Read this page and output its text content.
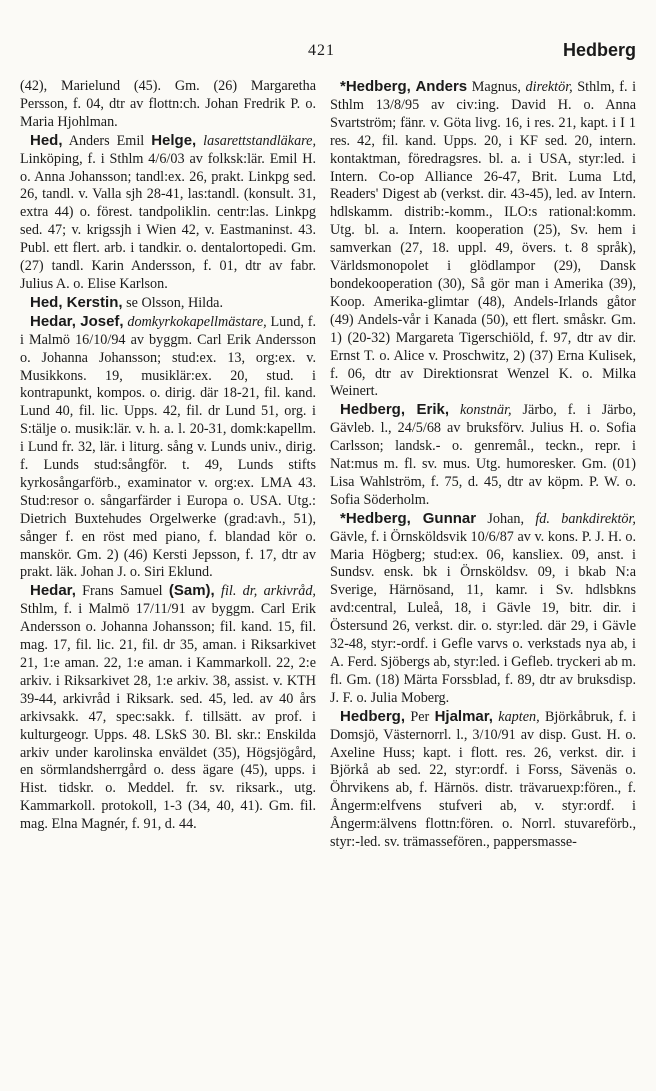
421	Hedberg

(42), Marielund (45). Gm. (26) Margaretha Persson, f. 04, dtr av flottn:ch. Johan Fredrik P. o. Maria Hjohlman.

Hed, Anders Emil Helge, lasarettstandläkare, Linköping, f. i Sthlm 4/6/03 av folksk:lär. Emil H. o. Anna Johansson; tandl:ex. 26, prakt. Linkpg sed. 26, tandl. v. Valla sjh 28-41, las:tandl. (konsult. 31, extra 44) o. förest. tandpoliklin. centr:las. Linkpg sed. 47; v. krigssjh i Wien 42, v. Eastmaninst. 43. Publ. ett flert. arb. i tandkir. o. dentalortopedi. Gm. (27) tandl. Karin Andersson, f. 01, dtr av fabr. Julius A. o. Elise Karlson.

Hed, Kerstin, se Olsson, Hilda.

Hedar, Josef, domkyrkokapellmästare, Lund, f. i Malmö 16/10/94 av byggm. Carl Erik Andersson o. Johanna Johansson; stud:ex. 13, org:ex. v. Musikkons. 19, musiklär:ex. 20, stud. i kontrapunkt, kompos. o. dirig. där 18-21, fil. kand. Lund 40, fil. lic. Upps. 42, fil. dr Lund 51, org. i S:tälje o. musik:lär. v. h. a. l. 20-31, domk:kapellm. i Lund fr. 32, lär. i liturg. sång v. Lunds univ., dirig. f. Lunds stud:sångför. t. 49, Lunds stifts kyrkosångarförb., examinator v. org:ex. LMA 43. Stud:resor o. sångarfärder i Europa o. USA. Utg.: Dietrich Buxtehudes Orgelwerke (grad:avh., 51), sånger f. en röst med piano, f. blandad kör o. manskör. Gm. 2) (46) Kersti Jepsson, f. 17, dtr av prakt. läk. Johan J. o. Siri Eklund.

Hedar, Frans Samuel (Sam), fil. dr, arkivråd, Sthlm, f. i Malmö 17/11/91 av byggm. Carl Erik Andersson o. Johanna Johansson; fil. kand. 15, fil. mag. 17, fil. lic. 21, fil. dr 35, aman. i Riksarkivet 21, 1:e aman. 22, 1:e aman. i Kammarkoll. 22, 2:e arkiv. i Riksarkivet 28, 1:e arkiv. 38, assist. v. KTH 39-44, arkivråd i Riksark. sed. 45, led. av 40 års arkivsakk. 47, spec:sakk. f. tillsätt. av prof. i kulturgeogr. Upps. 48. LSkS 30. Bl. skr.: Enskilda arkiv under karolinska enväldet (35), Högsjögård, en sörmlandsherrgård o. dess ägare (45), upps. i Hist. tidskr. o. Meddel. fr. sv. riksark., utg. Kammarkoll. protokoll, 1-3 (34, 40, 41). Gm. fil. mag. Elna Magnér, f. 91, d. 44.

*Hedberg, Anders Magnus, direktör, Sthlm, f. i Sthlm 13/8/95 av civ:ing. David H. o. Anna Svartström; fänr. v. Göta livg. 16, i res. 21, kapt. i I 1 res. 42, fil. kand. Upps. 20, i KF sed. 20, intern. kontaktman, föredragsres. bl. a. i USA, styr:led. i Intern. Co-op Alliance 26-47, Brit. Luma Ltd, Readers' Digest ab (verkst. dir. 43-45), led. av Intern. hdlskamm. distrib:-komm., ILO:s rational:komm. Utg. bl. a. Intern. kooperation (25), Sv. hem i samverkan (27, 18. uppl. 49, övers. t. 8 språk), Världsmonopolet i glödlampor (29), Dansk bondekooperation (30), Så gör man i Amerika (39), Koop. Amerika-glimtar (48), Andels-Irlands gåtor (49) Andels-vår i Kanada (50), ett flert. småskr. Gm. 1) (20-32) Margareta Tigerschiöld, f. 97, dtr av dir. Ernst T. o. Alice v. Proschwitz, 2) (37) Erna Kulisek, f. 06, dtr av Direktionsrat Wenzel K. o. Milka Weinert.

Hedberg, Erik, konstnär, Järbo, f. i Järbo, Gävleb. l., 24/5/68 av bruksförv. Julius H. o. Sofia Carlsson; landsk.- o. genremål., teckn., repr. i Nat:mus m. fl. sv. mus. Utg. humoresker. Gm. (01) Lisa Wahlström, f. 75, d. 45, dtr av köpm. P. W. o. Sofia Söderholm.

*Hedberg, Gunnar Johan, fd. bankdirektör, Gävle, f. i Örnsköldsvik 10/6/87 av v. kons. P. J. H. o. Maria Högberg; stud:ex. 06, kansliex. 09, anst. i Sundsv. ensk. bk i Örnsköldsv. 09, i bkab N:a Sverige, Härnösand, 11, kamr. i Sv. hdlsbkns avd:central, Luleå, 18, i Gävle 19, bitr. dir. i Östersund 26, verkst. dir. o. styr:led. där 29, i Gävle 32-48, styr:-ordf. i Gefle varvs o. verkstads nya ab, i A. Ferd. Sjöbergs ab, styr:led. i Gefleb. tryckeri ab m. fl. Gm. (18) Märta Forssblad, f. 89, dtr av bruksdisp. J. F. o. Julia Moberg.

Hedberg, Per Hjalmar, kapten, Björkåbruk, f. i Domsjö, Västernorrl. l., 3/10/91 av disp. Gust. H. o. Axeline Huss; kapt. i flott. res. 26, verkst. dir. i Björkå ab sed. 22, styr:ordf. i Forss, Sävenäs o. Öhrvikens ab, f. Härnös. distr. trävaruexp:fören., f. Ångerm:elfvens stufveri ab, v. styr:ordf. i Ångerm:älvens flottn:fören. o. Norrl. stuvareförb., styr:-led. sv. trämassefören., pappersmasse-
